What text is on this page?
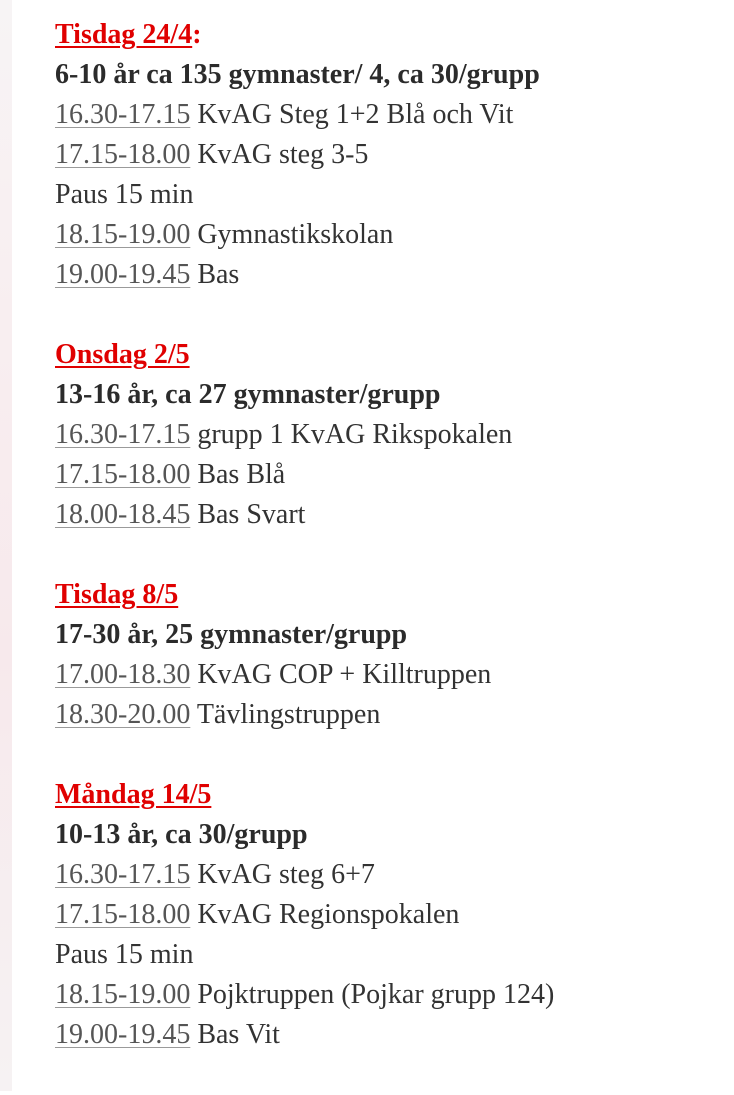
Tisdag 24/4:
6-10 år ca 135 gymnaster/ 4, ca 30/grupp
16.30-17.15 KvAG Steg 1+2 Blå och Vit
17.15-18.00 KvAG steg 3-5
Paus 15 min
18.15-19.00 Gymnastikskolan
19.00-19.45 Bas
Onsdag 2/5
13-16 år, ca 27 gymnaster/grupp
16.30-17.15 grupp 1 KvAG Rikspokalen
17.15-18.00 Bas Blå
18.00-18.45 Bas Svart
Tisdag 8/5
17-30 år, 25 gymnaster/grupp
17.00-18.30 KvAG COP + Killtruppen
18.30-20.00 Tävlingstruppen
Måndag 14/5
10-13 år, ca 30/grupp
16.30-17.15 KvAG steg 6+7
17.15-18.00 KvAG Regionspokalen
Paus 15 min
18.15-19.00 Pojktruppen (Pojkar grupp 124)
19.00-19.45 Bas Vit
